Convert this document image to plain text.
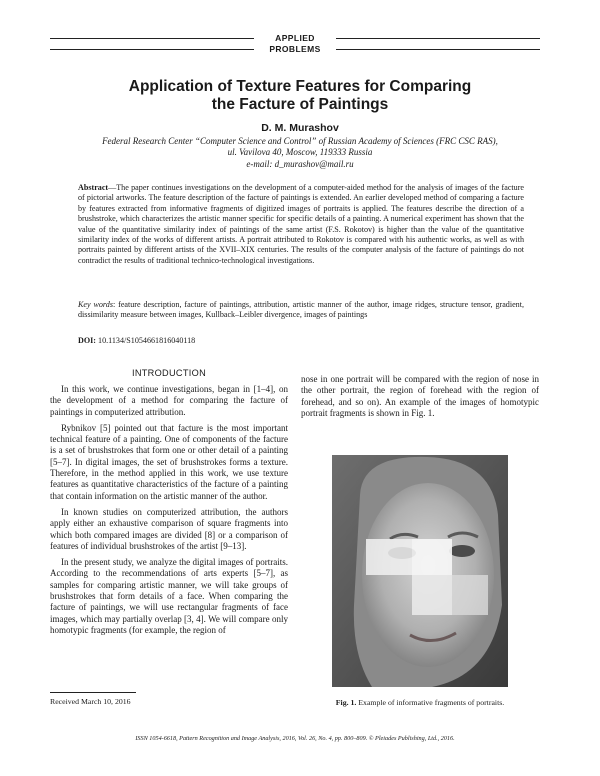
APPLIED
PROBLEMS
Application of Texture Features for Comparing
the Facture of Paintings
D. M. Murashov
Federal Research Center “Computer Science and Control” of Russian Academy of Sciences (FRC CSC RAS),
ul. Vavilova 40, Moscow, 119333 Russia
e-mail: d_murashov@mail.ru

Abstract—The paper continues investigations on the development of a computer-aided method for the analysis of images of the facture of pictorial artworks. The feature description of the facture of paintings is extended. An earlier developed method of comparing a facture by features extracted from informative fragments of digitized images of portraits is applied. The features describe the direction of a brushstroke, which characterizes the artistic manner specific for specific details of a painting. A numerical experiment has shown that the value of the quantitative similarity index of paintings of the same artist (F.S. Rokotov) is higher than the value of the quantitative similarity index of the works of different artists. A portrait attributed to Rokotov is compared with his authentic works, as well as with portraits painted by different artists of the XVII–XIX centuries. The results of the computer analysis of the facture of paintings do not contradict the results of traditional technico-technological investigations.

Key words: feature description, facture of paintings, attribution, artistic manner of the author, image ridges, structure tensor, gradient, dissimilarity measure between images, Kullback–Leibler divergence, images of paintings

DOI: 10.1134/S1054661816040118
INTRODUCTION

In this work, we continue investigations, began in [1–4], on the development of a method for comparing the facture of paintings in computerized attribution.

Rybnikov [5] pointed out that facture is the most important technical feature of a painting. One of components of the facture is a set of brushstrokes that form one or other detail of a painting [5–7]. In digital images, the set of brushstrokes forms a texture. Therefore, in the method applied in this work, we use texture features as quantitative characteristics of the facture of a painting that contain information on the artistic manner of the author.

In known studies on computerized attribution, the authors apply either an exhaustive comparison of square fragments into which both compared images are divided [8] or a comparison of features of individual brushstrokes of the artist [9–13].

In the present study, we analyze the digital images of portraits. According to the recommendations of arts experts [5–7], as samples for comparing artistic manner, we will take groups of brushstrokes that form details of a face. When comparing the facture of paintings, we will use rectangular fragments of face images, which may partially overlap [3, 4]. We will compare only homotypic fragments (for example, the region of

nose in one portrait will be compared with the region of nose in the other portrait, the region of forehead with the region of forehead, and so on). An example of the images of homotypic portrait fragments is shown in Fig. 1.

Fig. 1. Example of informative fragments of portraits.
Received March 10, 2016
ISSN 1054-6618, Pattern Recognition and Image Analysis, 2016, Vol. 26, No. 4, pp. 800–809. © Pleiades Publishing, Ltd., 2016.
